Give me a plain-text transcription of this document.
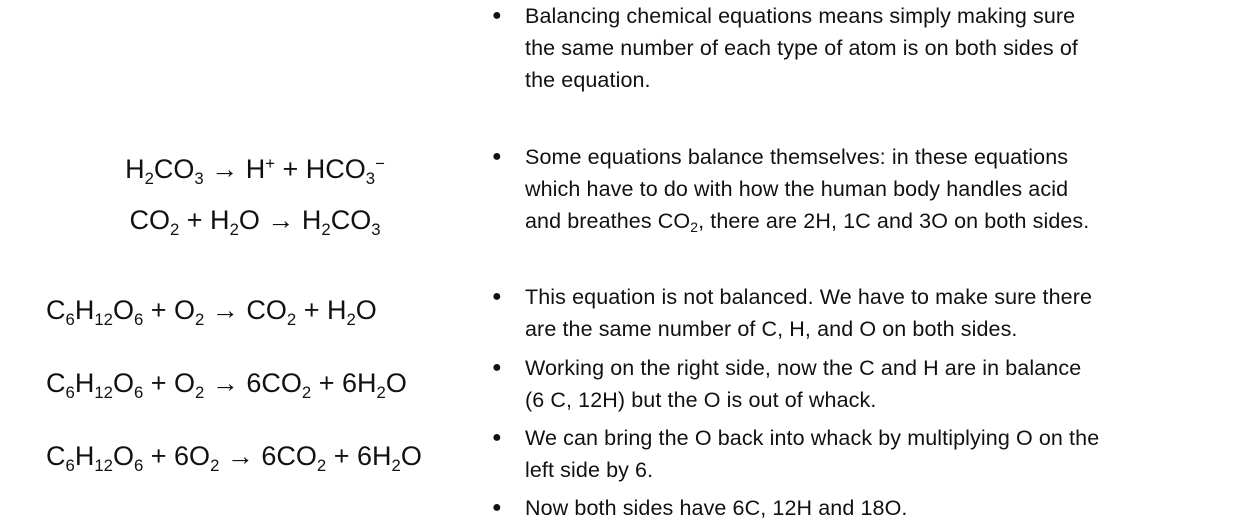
● Balancing chemical equations means simply making sure
the same number of each type of atom is on both sides of
the equation.
● Some equations balance themselves: in these equations
which have to do with how the human body handles acid
and breathes $CO_2$, there are 2H, 1C and 3O on both sides.
● This equation is not balanced. We have to make sure there
are the same number of C, H, and O on both sides.
● Working on the right side, now the C and H are in balance
(6 C, 12H) but the O is out of whack.
● We can bring the O back into whack by multiplying O on the
left side by 6.
● Now both sides have 6C, 12H and 18O.
$H_2CO_3 \to H^+ + HCO_3^-$
$CO_2 + H_2O \to H_2CO_3$
$C_6H_{12}O_6 + O_2 \to CO_2 + H_2O$
$C_6H_{12}O_6 + O_2 \to 6CO_2 + 6H_2O$
$C_6H_{12}O_6 + 6O_2 \to 6CO_2 + 6H_2O$
